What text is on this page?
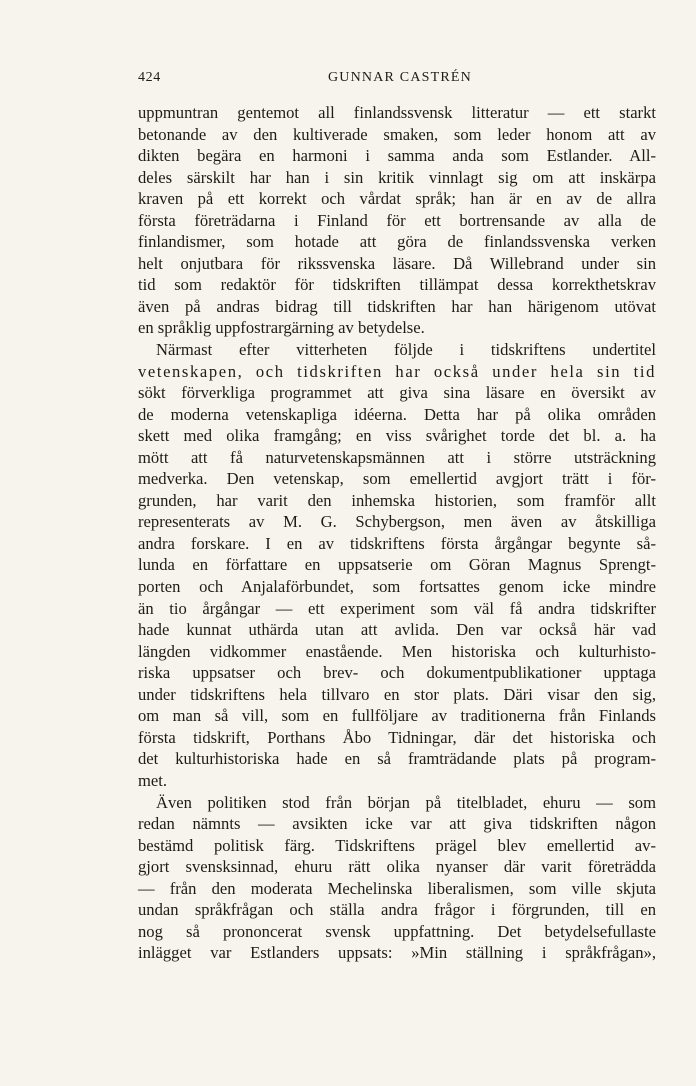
424	GUNNAR CASTRÉN
uppmuntran gentemot all finlandssvensk litteratur — ett starkt
betonande av den kultiverade smaken, som leder honom att av
dikten begära en harmoni i samma anda som Estlander. All-
deles särskilt har han i sin kritik vinnlagt sig om att inskärpa
kraven på ett korrekt och vårdat språk; han är en av de allra
första företrädarna i Finland för ett bortrensande av alla de
finlandismer, som hotade att göra de finlandssvenska verken
helt onjutbara för rikssvenska läsare. Då Willebrand under sin
tid som redaktör för tidskriften tillämpat dessa korrekthetskrav
även på andras bidrag till tidskriften har han härigenom utövat
en språklig uppfostrargärning av betydelse.
Närmast efter vitterheten följde i tidskriftens undertitel
vetenskapen, och tidskriften har också under hela sin tid
sökt förverkliga programmet att giva sina läsare en översikt av
de moderna vetenskapliga idéerna. Detta har på olika områden
skett med olika framgång; en viss svårighet torde det bl. a. ha
mött att få naturvetenskapsmännen att i större utsträckning
medverka. Den vetenskap, som emellertid avgjort trätt i för-
grunden, har varit den inhemska historien, som framför allt
representerats av M. G. Schybergson, men även av åtskilliga
andra forskare. I en av tidskriftens första årgångar begynte så-
lunda en författare en uppsatserie om Göran Magnus Sprengt-
porten och Anjalaförbundet, som fortsattes genom icke mindre
än tio årgångar — ett experiment som väl få andra tidskrifter
hade kunnat uthärda utan att avlida. Den var också här vad
längden vidkommer enastående. Men historiska och kulturhisto-
riska uppsatser och brev- och dokumentpublikationer upptaga
under tidskriftens hela tillvaro en stor plats. Däri visar den sig,
om man så vill, som en fullföljare av traditionerna från Finlands
första tidskrift, Porthans Åbo Tidningar, där det historiska och
det kulturhistoriska hade en så framträdande plats på program-
met.
Även politiken stod från början på titelbladet, ehuru — som
redan nämnts — avsikten icke var att giva tidskriften någon
bestämd politisk färg. Tidskriftens prägel blev emellertid av-
gjort svensksinnad, ehuru rätt olika nyanser där varit företrädda
— från den moderata Mechelinska liberalismen, som ville skjuta
undan språkfrågan och ställa andra frågor i förgrunden, till en
nog så prononcerat svensk uppfattning. Det betydelsefullaste
inlägget var Estlanders uppsats: »Min ställning i språkfrågan»,
